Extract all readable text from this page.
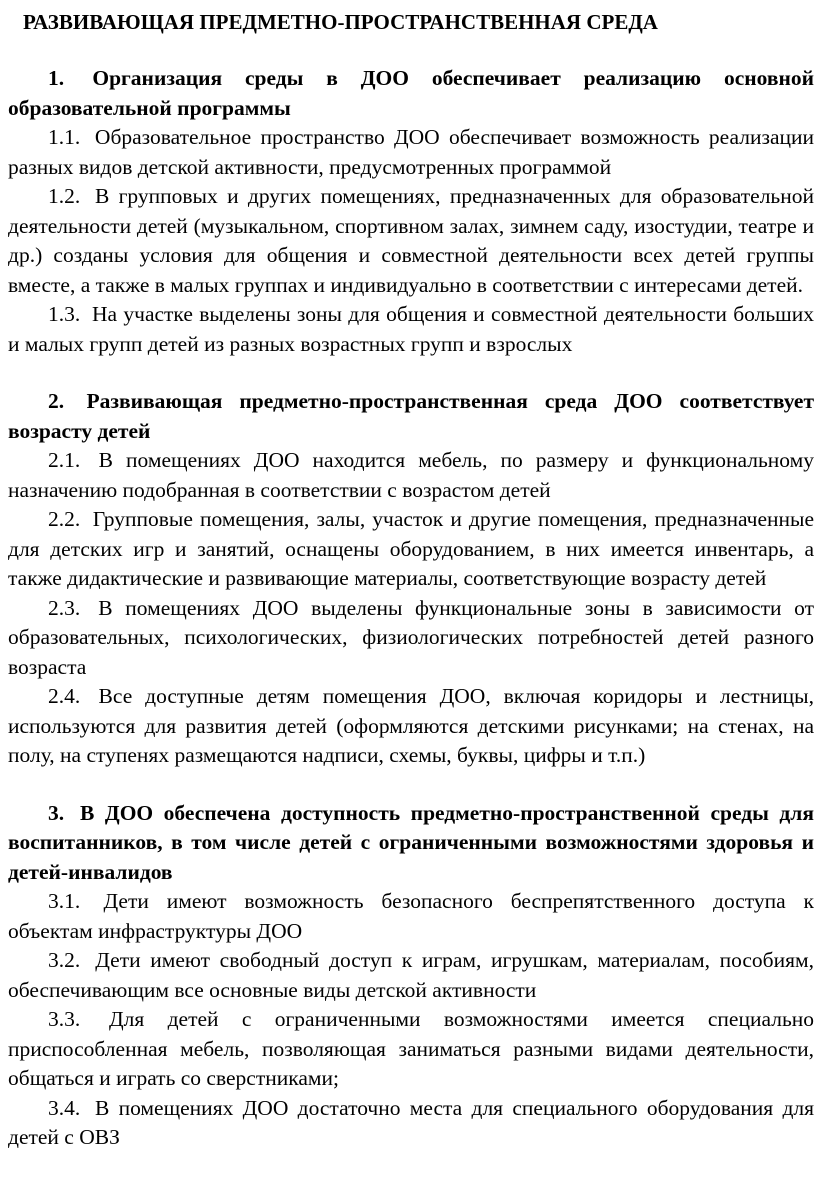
РАЗВИВАЮЩАЯ ПРЕДМЕТНО-ПРОСТРАНСТВЕННАЯ СРЕДА

1. Организация среды в ДОО обеспечивает реализацию основной образовательной программы

1.1. Образовательное пространство ДОО обеспечивает возможность реализации разных видов детской активности, предусмотренных программой

1.2. В групповых и других помещениях, предназначенных для образовательной деятельности детей (музыкальном, спортивном залах, зимнем саду, изостудии, театре и др.) созданы условия для общения и совместной деятельности всех детей группы вместе, а также в малых группах и индивидуально в соответствии с интересами детей.

1.3. На участке выделены зоны для общения и совместной деятельности больших и малых групп детей из разных возрастных групп и взрослых

2. Развивающая предметно-пространственная среда ДОО соответствует возрасту детей

2.1. В помещениях ДОО находится мебель, по размеру и функциональному назначению подобранная в соответствии с возрастом детей

2.2. Групповые помещения, залы, участок и другие помещения, предназначенные для детских игр и занятий, оснащены оборудованием, в них имеется инвентарь, а также дидактические и развивающие материалы, соответствующие возрасту детей

2.3. В помещениях ДОО выделены функциональные зоны в зависимости от образовательных, психологических, физиологических потребностей детей разного возраста

2.4. Все доступные детям помещения ДОО, включая коридоры и лестницы, используются для развития детей (оформляются детскими рисунками; на стенах, на полу, на ступенях размещаются надписи, схемы, буквы, цифры и т.п.)

3. В ДОО обеспечена доступность предметно-пространственной среды для воспитанников, в том числе детей с ограниченными возможностями здоровья и детей-инвалидов

3.1. Дети имеют возможность безопасного беспрепятственного доступа к объектам инфраструктуры ДОО

3.2. Дети имеют свободный доступ к играм, игрушкам, материалам, пособиям, обеспечивающим все основные виды детской активности

3.3. Для детей с ограниченными возможностями имеется специально приспособленная мебель, позволяющая заниматься разными видами деятельности, общаться и играть со сверстниками;

3.4. В помещениях ДОО достаточно места для специального оборудования для детей с ОВЗ
